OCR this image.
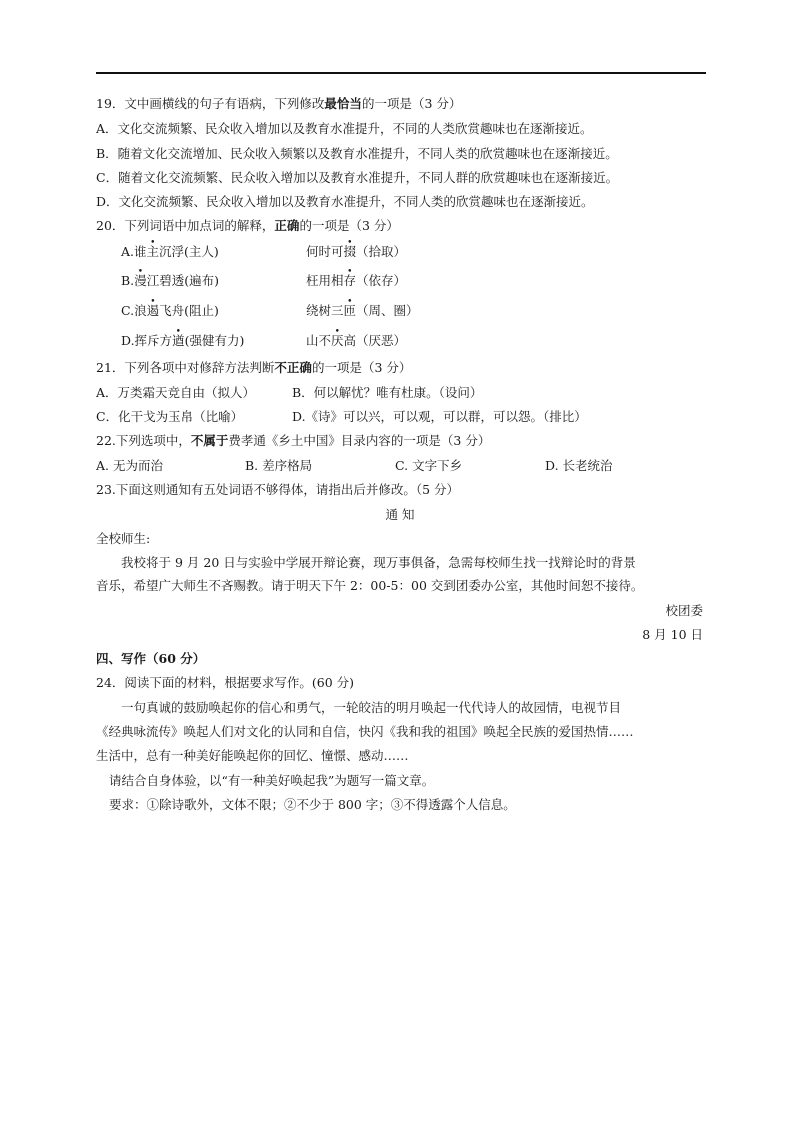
19．文中画横线的句子有语病，下列修改最恰当的一项是（3 分）
A．文化交流频繁、民众收入增加以及教育水准提升，不同的人类欣赏趣味也在逐渐接近。
B．随着文化交流增加、民众收入频繁以及教育水准提升，不同人类的欣赏趣味也在逐渐接近。
C．随着文化交流频繁、民众收入增加以及教育水准提升，不同人群的欣赏趣味也在逐渐接近。
D．文化交流频繁、民众收入增加以及教育水准提升，不同人类的欣赏趣味也在逐渐接近。
20．下列词语中加点词的解释，正确的一项是（3 分）
A.谁主沉浮(主人)	何时可掇（拾取）
B.漫江碧透(遍布)	枉用相存（依存）
C.浪遏飞舟(阻止)	绕树三匝（周、圈）
D.挥斥方遒(强健有力)	山不厌高（厌恶）
21．下列各项中对修辞方法判断不正确的一项是（3 分）
A．万类霜天竞自由（拟人）	B．何以解忧？唯有杜康。（设问）
C．化干戈为玉帛（比喻）	D.《诗》可以兴，可以观，可以群，可以怨。（排比）
22.下列选项中，不属于费孝通《乡土中国》目录内容的一项是（3 分）
A. 无为而治	B. 差序格局	C. 文字下乡	D. 长老统治
23.下面这则通知有五处词语不够得体，请指出后并修改。（5 分）
通 知
全校师生:
我校将于 9 月 20 日与实验中学展开辩论赛，现万事俱备，急需每校师生找一找辩论时的背景
音乐，希望广大师生不吝赐教。请于明天下午 2：00-5：00 交到团委办公室，其他时间恕不接待。
校团委
8 月 10 日
四、写作（60 分）
24．阅读下面的材料，根据要求写作。(60 分)
一句真诚的鼓励唤起你的信心和勇气，一轮皎洁的明月唤起一代代诗人的故园情，电视节目
《经典咏流传》唤起人们对文化的认同和自信，快闪《我和我的祖国》唤起全民族的爱国热情……
生活中，总有一种美好能唤起你的回忆、憧憬、感动……
请结合自身体验，以“有一种美好唤起我”为题写一篇文章。
要求：①除诗歌外，文体不限；②不少于 800 字；③不得透露个人信息。
